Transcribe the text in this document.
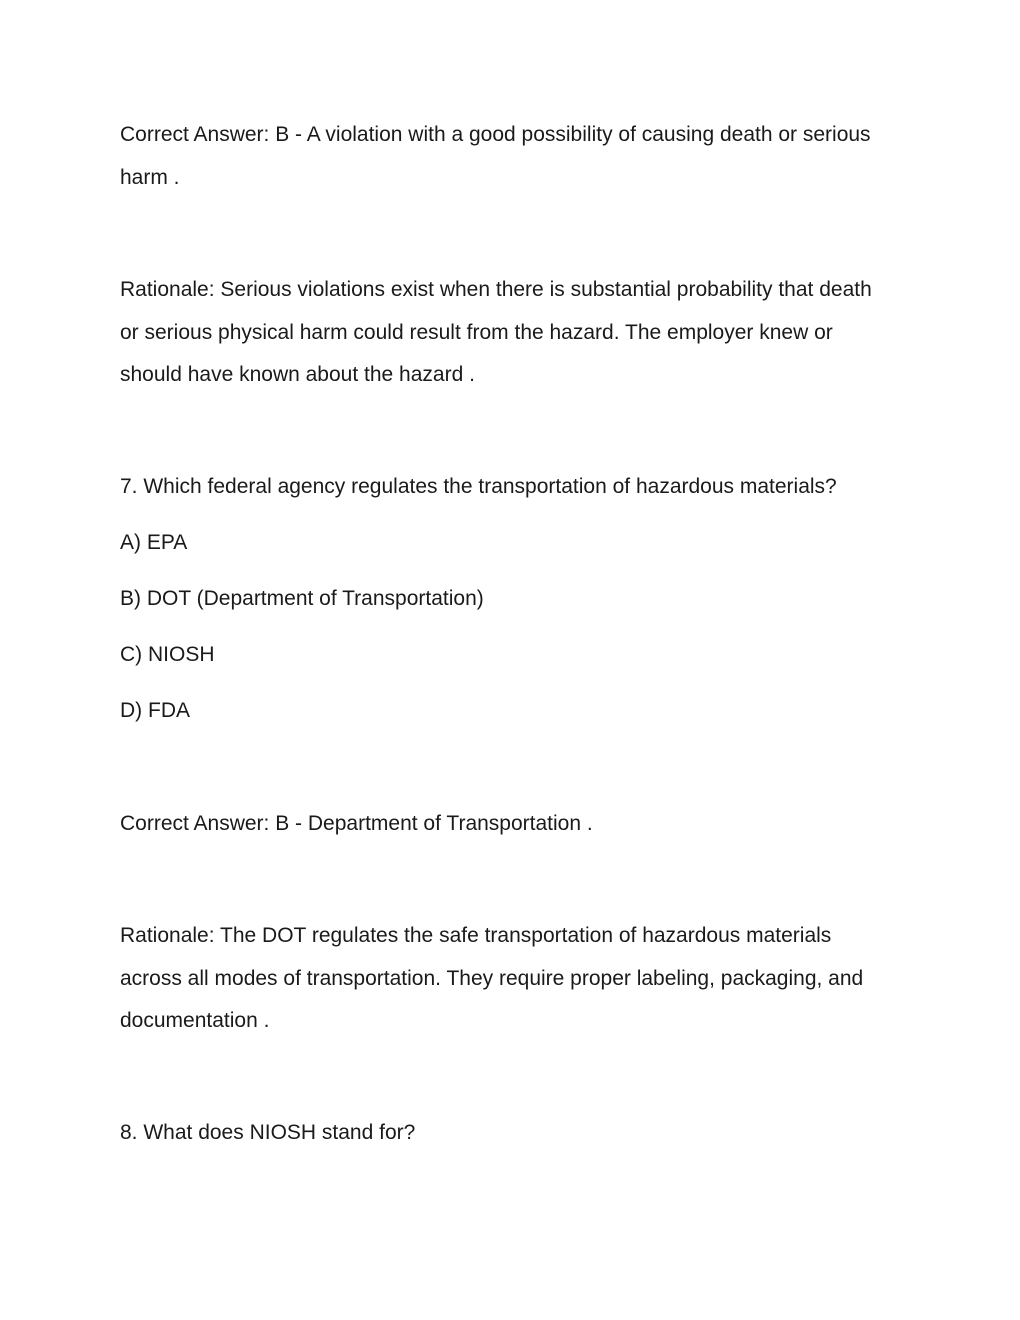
Correct Answer: B - A violation with a good possibility of causing death or serious

harm .

Rationale: Serious violations exist when there is substantial probability that death

or serious physical harm could result from the hazard. The employer knew or

should have known about the hazard .

7. Which federal agency regulates the transportation of hazardous materials?

A) EPA

B) DOT (Department of Transportation)

C) NIOSH

D) FDA

Correct Answer: B - Department of Transportation .

Rationale: The DOT regulates the safe transportation of hazardous materials

across all modes of transportation. They require proper labeling, packaging, and

documentation .

8. What does NIOSH stand for?
